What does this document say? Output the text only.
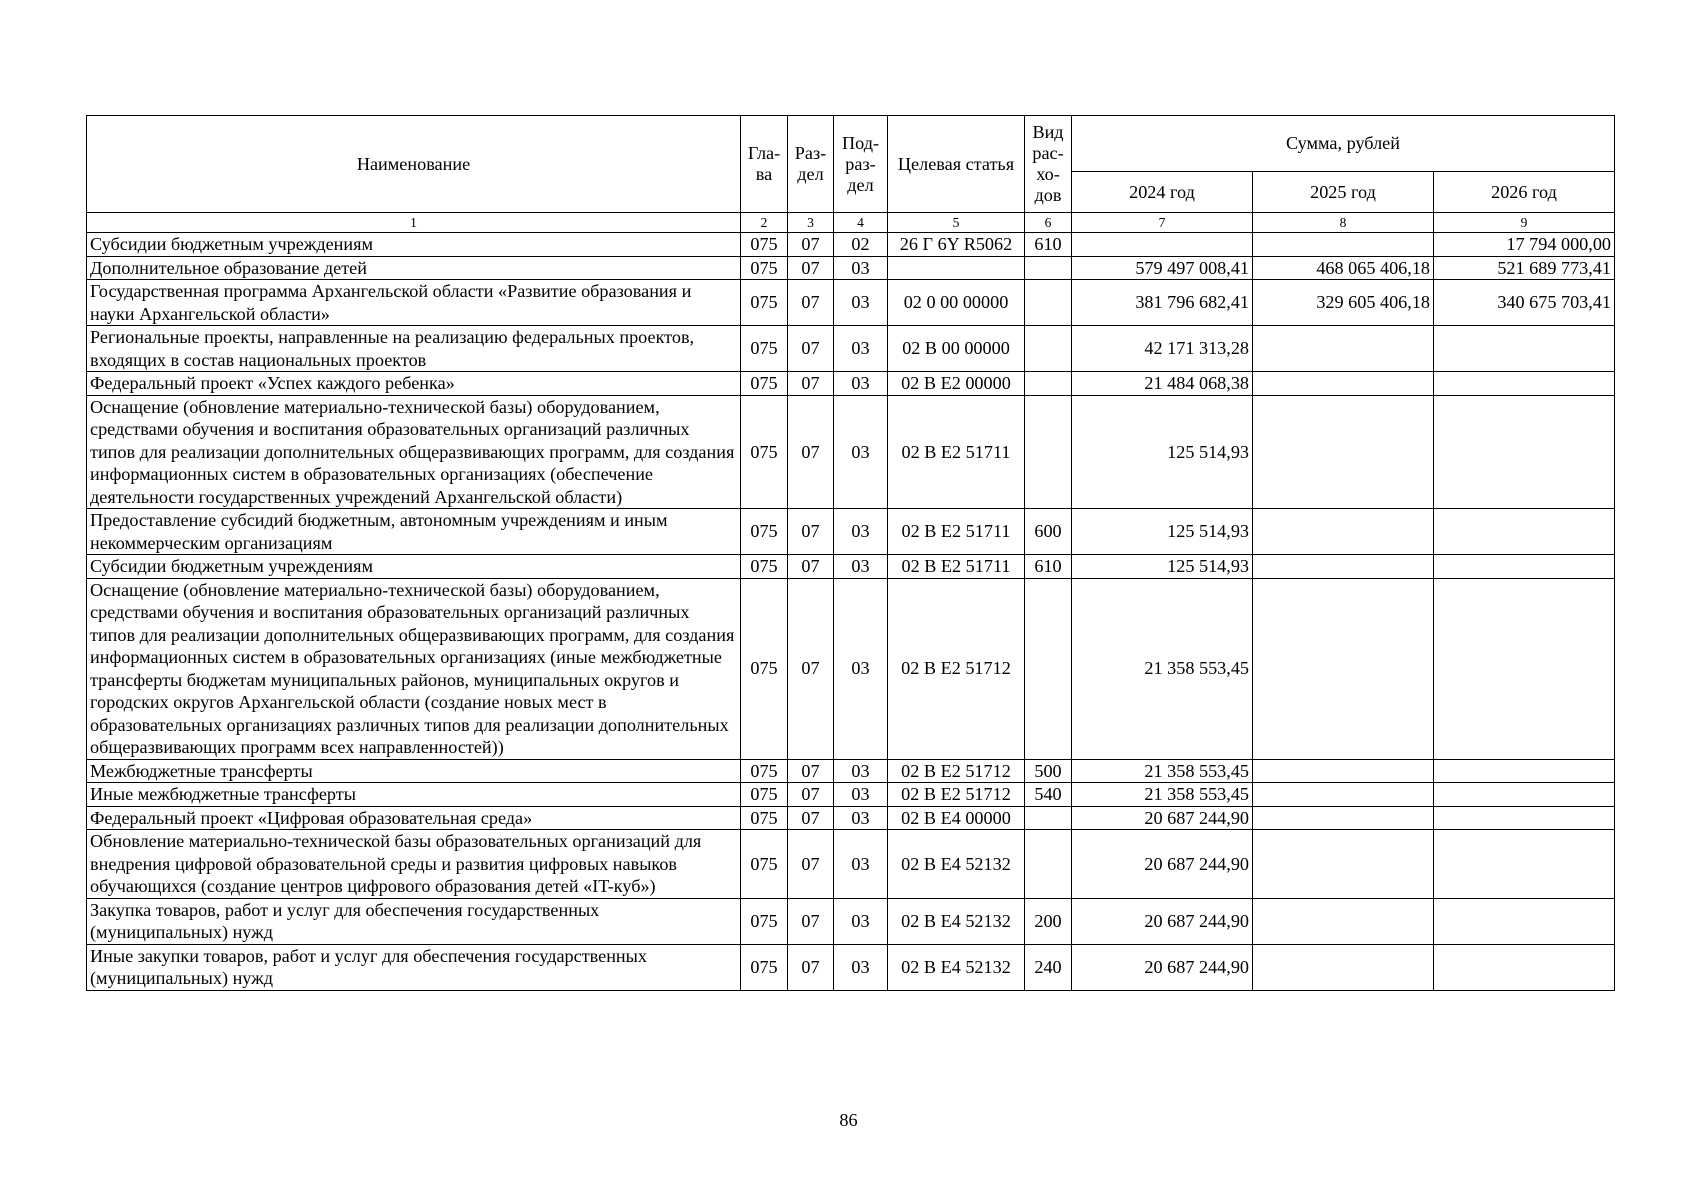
Наименование	Гла-ва	Раз-дел	Под-раз-дел	Целевая статья	Вид рас-хо-дов	Сумма, рублей		
						2024 год	2025 год	2026 год
1	2	3	4	5	6	7	8	9
Субсидии бюджетным учреждениям	075	07	02	26 Г 6Y R5062	610			17 794 000,00
Дополнительное образование детей	075	07	03			579 497 008,41	468 065 406,18	521 689 773,41
Государственная программа Архангельской области «Развитие образования и науки Архангельской области»	075	07	03	02 0 00 00000		381 796 682,41	329 605 406,18	340 675 703,41
Региональные проекты, направленные на реализацию федеральных проектов, входящих в состав национальных проектов	075	07	03	02 В 00 00000		42 171 313,28		
Федеральный проект «Успех каждого ребенка»	075	07	03	02 В Е2 00000		21 484 068,38		
Оснащение (обновление материально-технической базы) оборудованием, средствами обучения и воспитания образовательных организаций различных типов для реализации дополнительных общеразвивающих программ, для создания информационных систем в образовательных организациях (обеспечение деятельности государственных учреждений Архангельской области)	075	07	03	02 В Е2 51711		125 514,93		
Предоставление субсидий бюджетным, автономным учреждениям и иным некоммерческим организациям	075	07	03	02 В Е2 51711	600	125 514,93		
Субсидии бюджетным учреждениям	075	07	03	02 В Е2 51711	610	125 514,93		
Оснащение (обновление материально-технической базы) оборудованием, средствами обучения и воспитания образовательных организаций различных типов для реализации дополнительных общеразвивающих программ, для создания информационных систем в образовательных организациях (иные межбюджетные трансферты бюджетам муниципальных районов, муниципальных округов и городских округов Архангельской области (создание новых мест в образовательных организациях различных типов для реализации дополнительных общеразвивающих программ всех направленностей))	075	07	03	02 В Е2 51712		21 358 553,45		
Межбюджетные трансферты	075	07	03	02 В Е2 51712	500	21 358 553,45		
Иные межбюджетные трансферты	075	07	03	02 В Е2 51712	540	21 358 553,45		
Федеральный проект «Цифровая образовательная среда»	075	07	03	02 В Е4 00000		20 687 244,90		
Обновление материально-технической базы образовательных организаций для внедрения цифровой образовательной среды и развития цифровых навыков обучающихся (создание центров цифрового образования детей «IT-куб»)	075	07	03	02 В Е4 52132		20 687 244,90		
Закупка товаров, работ и услуг для обеспечения государственных (муниципальных) нужд	075	07	03	02 В Е4 52132	200	20 687 244,90		
Иные закупки товаров, работ и услуг для обеспечения государственных (муниципальных) нужд	075	07	03	02 В Е4 52132	240	20 687 244,90		
86
